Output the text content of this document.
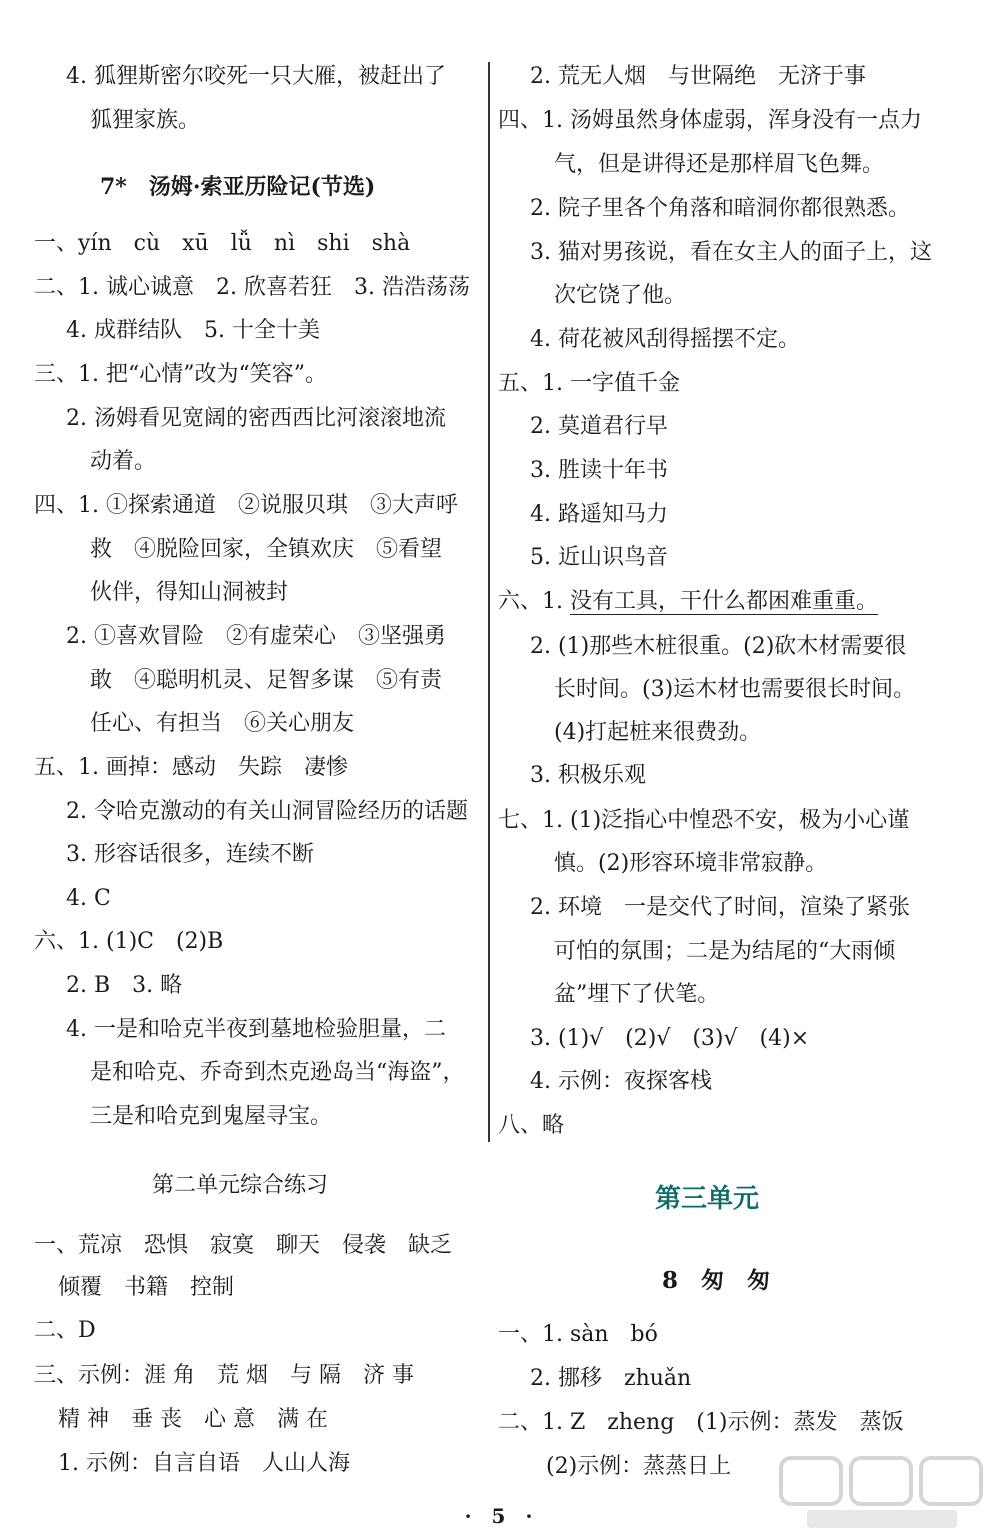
4. 狐狸斯密尔咬死一只大雁，被赶出了
狐狸家族。
7*　汤姆·索亚历险记(节选)
一、yín　cù　xū　lǚ　nì　shi　shà
二、1. 诚心诚意　2. 欣喜若狂　3. 浩浩荡荡
4. 成群结队　5. 十全十美
三、1. 把“心情”改为“笑容”。
2. 汤姆看见宽阔的密西西比河滚滚地流
动着。
四、1. ①探索通道　②说服贝琪　③大声呼
救　④脱险回家，全镇欢庆　⑤看望
伙伴，得知山洞被封
2. ①喜欢冒险　②有虚荣心　③坚强勇
敢　④聪明机灵、足智多谋　⑤有责
任心、有担当　⑥关心朋友
五、1. 画掉：感动　失踪　凄惨
2. 令哈克激动的有关山洞冒险经历的话题
3. 形容话很多，连续不断
4. C
六、1. (1)C　(2)B
2. B　3. 略
4. 一是和哈克半夜到墓地检验胆量，二
是和哈克、乔奇到杰克逊岛当“海盗”，
三是和哈克到鬼屋寻宝。
第二单元综合练习
一、荒凉　恐惧　寂寞　聊天　侵袭　缺乏
倾覆　书籍　控制
二、D
三、示例：涯 角　荒 烟　与 隔　济 事
精 神　垂 丧　心 意　满 在
1. 示例：自言自语　人山人海
2. 荒无人烟　与世隔绝　无济于事
四、1. 汤姆虽然身体虚弱，浑身没有一点力
气，但是讲得还是那样眉飞色舞。
2. 院子里各个角落和暗洞你都很熟悉。
3. 猫对男孩说，看在女主人的面子上，这
次它饶了他。
4. 荷花被风刮得摇摆不定。
五、1. 一字值千金
2. 莫道君行早
3. 胜读十年书
4. 路遥知马力
5. 近山识鸟音
六、1. 没有工具，干什么都困难重重。
2. (1)那些木桩很重。(2)砍木材需要很
长时间。(3)运木材也需要很长时间。
(4)打起桩来很费劲。
3. 积极乐观
七、1. (1)泛指心中惶恐不安，极为小心谨
慎。(2)形容环境非常寂静。
2. 环境　一是交代了时间，渲染了紧张
可怕的氛围；二是为结尾的“大雨倾
盆”埋下了伏笔。
3. (1)√　(2)√　(3)√　(4)×
4. 示例：夜探客栈
八、略
第三单元
8　匆　匆
一、1. sàn　bó
2. 挪移　zhuǎn
二、1. Z　zheng　(1)示例：蒸发　蒸饭
(2)示例：蒸蒸日上
·　5　·
